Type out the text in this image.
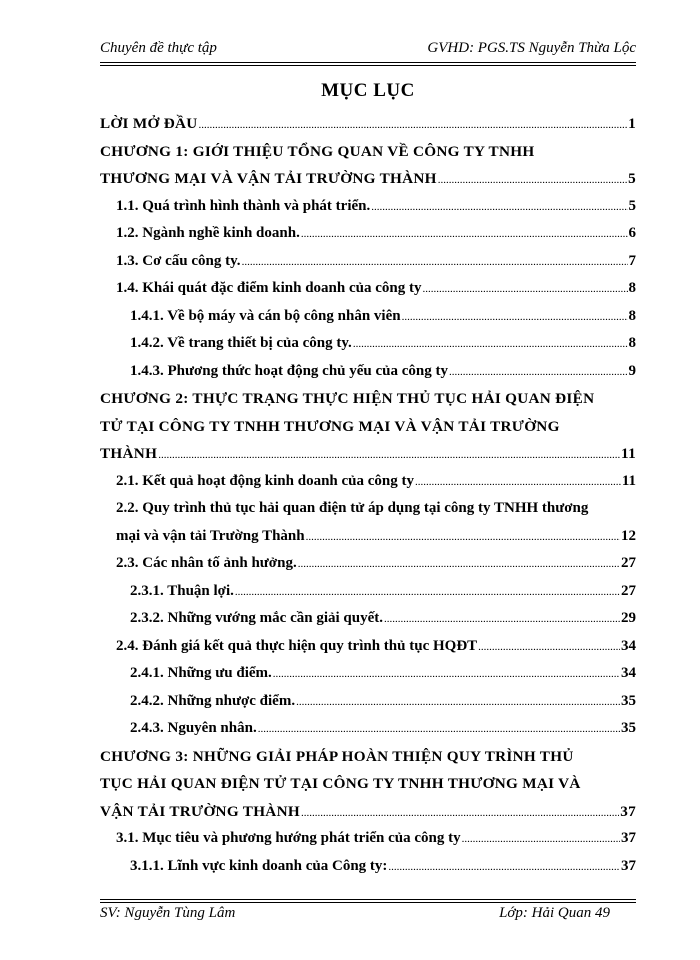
Chuyên đề thực tập	GVHD: PGS.TS Nguyễn Thừa Lộc
MỤC LỤC
LỜI MỞ ĐẦU .....	1
CHƯƠNG 1: GIỚI THIỆU TỔNG QUAN VỀ CÔNG TY TNHH
THƯƠNG MẠI VÀ VẬN TẢI TRƯỜNG THÀNH .....	5
1.1. Quá trình hình thành và phát triển. .....	5
1.2. Ngành nghề kinh doanh. .....	6
1.3. Cơ cấu công ty. .....	7
1.4. Khái quát đặc điểm kinh doanh của công ty .....	8
1.4.1. Về bộ máy và cán bộ công nhân viên .....	8
1.4.2. Về trang thiết bị của công ty. .....	8
1.4.3. Phương thức hoạt động chủ yếu của công ty .....	9
CHƯƠNG 2: THỰC TRẠNG THỰC HIỆN THỦ TỤC HẢI QUAN ĐIỆN
TỬ TẠI CÔNG TY TNHH THƯƠNG MẠI VÀ VẬN TẢI TRƯỜNG
THÀNH .....	11
2.1. Kết quả hoạt động kinh doanh của công ty .....	11
2.2. Quy trình thủ tục hải quan điện tử áp dụng tại công ty TNHH thương
mại và vận tải Trường Thành .....	12
2.3. Các nhân tố ảnh hưởng. .....	27
2.3.1. Thuận lợi. .....	27
2.3.2. Những vướng mắc cần giải quyết. .....	29
2.4. Đánh giá kết quả thực hiện quy trình thủ tục HQĐT .....	34
2.4.1. Những ưu điểm. .....	34
2.4.2. Những nhược điểm. .....	35
2.4.3. Nguyên nhân. .....	35
CHƯƠNG 3: NHỮNG GIẢI PHÁP HOÀN THIỆN QUY TRÌNH THỦ
TỤC HẢI QUAN ĐIỆN TỬ TẠI CÔNG TY TNHH THƯƠNG MẠI VÀ
VẬN TẢI TRƯỜNG THÀNH .....	37
3.1. Mục tiêu và phương hướng phát triển của công ty .....	37
3.1.1. Lĩnh vực kinh doanh của Công ty: .....	37
SV: Nguyễn Tùng Lâm	Lớp: Hải Quan 49
